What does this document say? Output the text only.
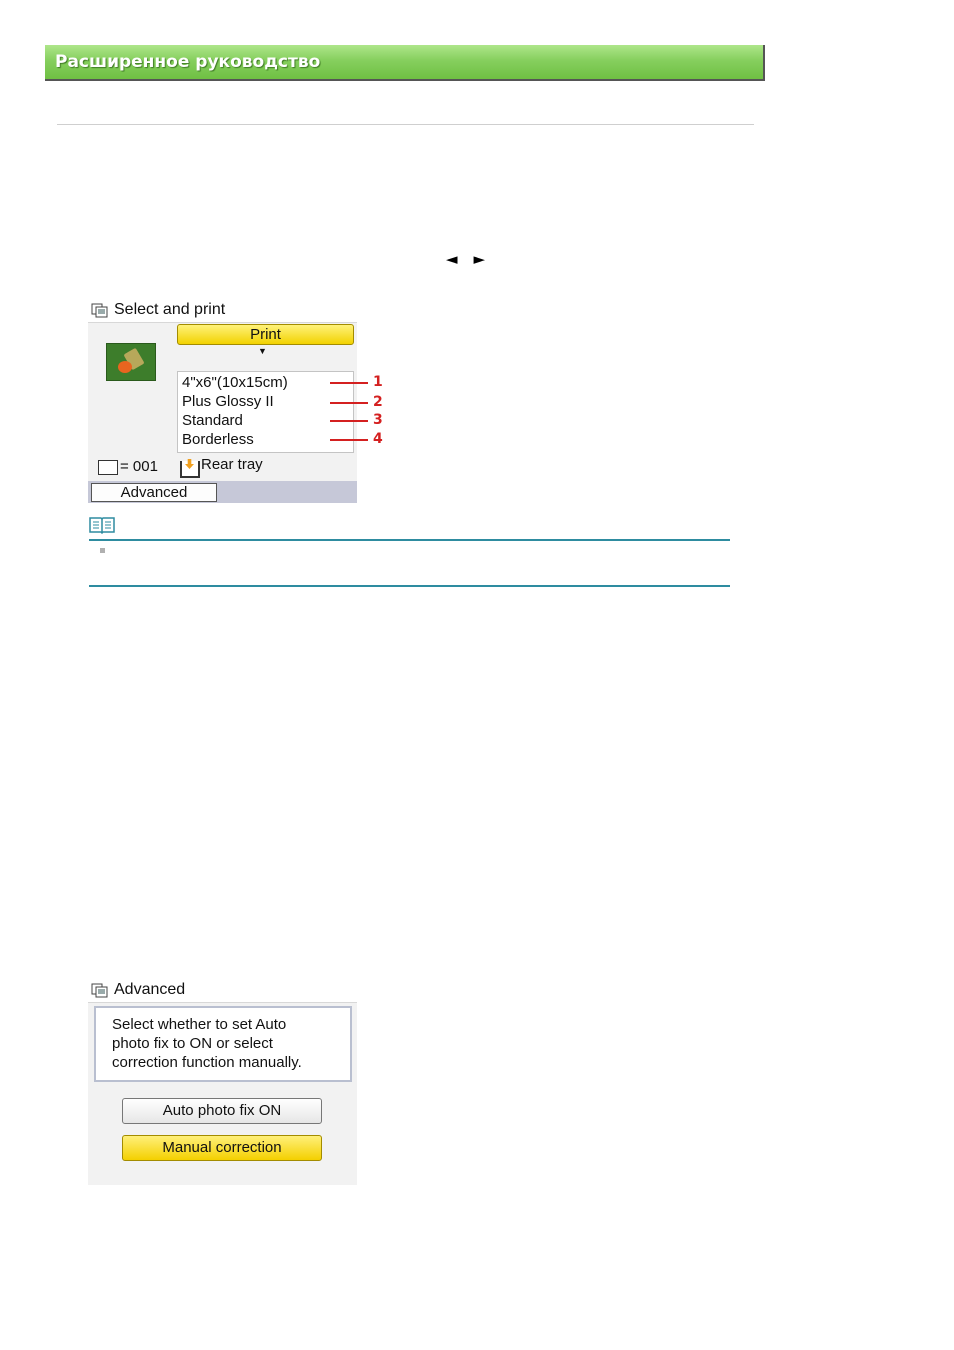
Расширенное руководство
◄►
Select and print
Print
▼
4"x6"(10x15cm)
Plus Glossy II
Standard
Borderless
= 001	Rear tray
Advanced
1
2
3
4
Advanced
Select whether to set Auto
photo fix to ON or select
correction function manually.
Auto photo fix ON
Manual correction
